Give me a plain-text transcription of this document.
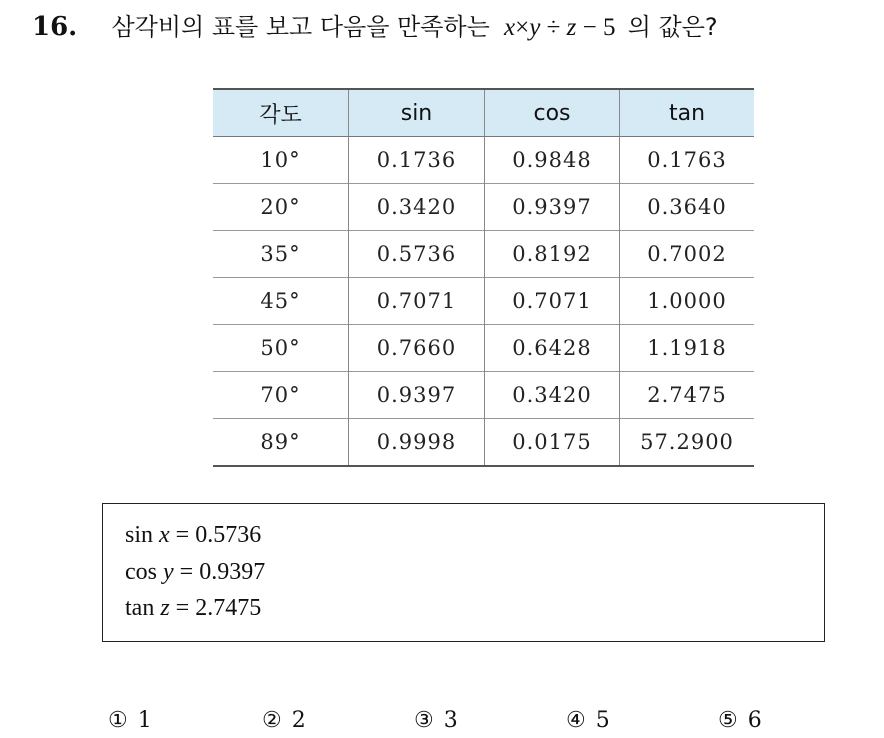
16. 삼각비의 표를 보고 다음을 만족하는 x×y ÷ z − 5 의 값은?
각도	sin	cos	tan
10°	0.1736	0.9848	0.1763
20°	0.3420	0.9397	0.3640
35°	0.5736	0.8192	0.7002
45°	0.7071	0.7071	1.0000
50°	0.7660	0.6428	1.1918
70°	0.9397	0.3420	2.7475
89°	0.9998	0.0175	57.2900
sin x = 0.5736
cos y = 0.9397
tan z = 2.7475
① 1	② 2	③ 3	④ 5	⑤ 6
